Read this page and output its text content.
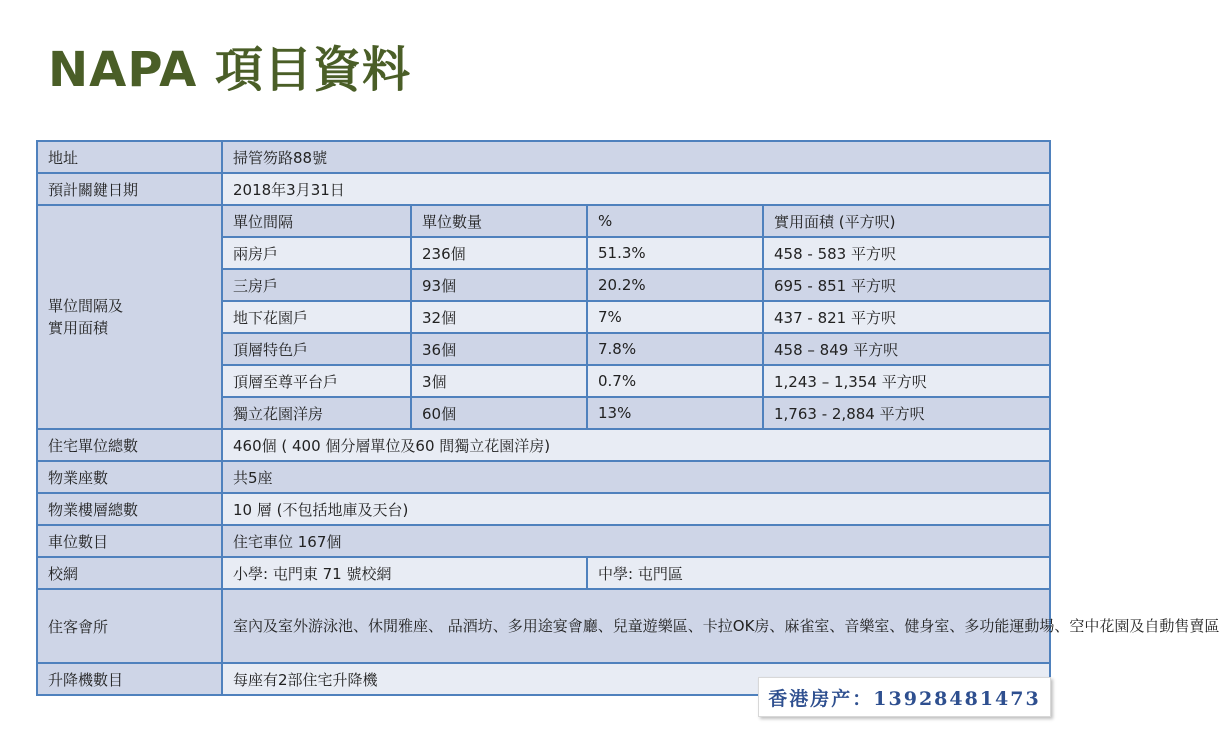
NAPA 項目資料
地址	掃管笏路88號			
預計關鍵日期	2018年3月31日			
單位間隔及
實用面積	單位間隔	單位數量	%	實用面積 (平方呎)
	兩房戶	236個	51.3%	458 - 583 平方呎
	三房戶	93個	20.2%	695 - 851 平方呎
	地下花園戶	32個	7%	437 - 821 平方呎
	頂層特色戶	36個	7.8%	458 – 849 平方呎
	頂層至尊平台戶	3個	0.7%	1,243 – 1,354 平方呎
	獨立花園洋房	60個	13%	1,763 - 2,884 平方呎
住宅單位總數	460個 ( 400 個分層單位及60 間獨立花園洋房)			
物業座數	共5座			
物業樓層總數	10 層 (不包括地庫及天台)			
車位數目	住宅車位 167個			
校網	小學: 屯門東 71 號校網		中學: 屯門區	
住客會所	室內及室外游泳池、休閒雅座、 品酒坊、多用途宴會廳、兒童遊樂區、卡拉OK房、麻雀室、音樂室、健身室、多功能運動場、空中花園及自動售賣區			
升降機數目	每座有2部住宅升降機			
香港房产：13928481473
